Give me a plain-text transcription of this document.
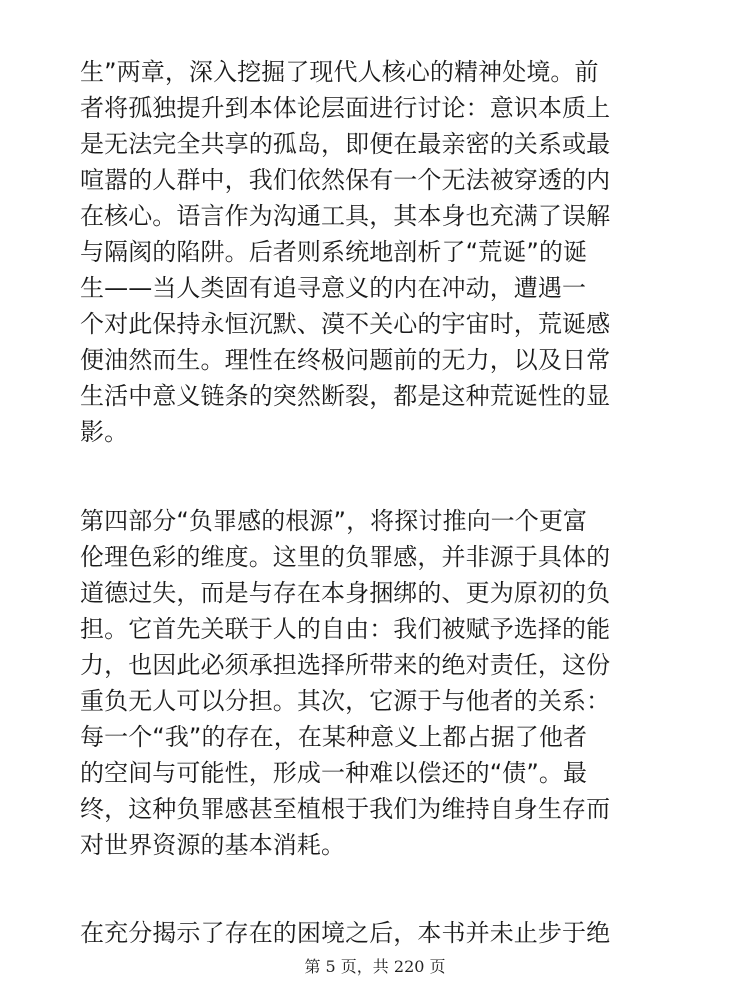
生”两章，深入挖掘了现代人核心的精神处境。前
者将孤独提升到本体论层面进行讨论：意识本质上
是无法完全共享的孤岛，即便在最亲密的关系或最
喧嚣的人群中，我们依然保有一个无法被穿透的内
在核心。语言作为沟通工具，其本身也充满了误解
与隔阂的陷阱。后者则系统地剖析了“荒诞”的诞
生——当人类固有追寻意义的内在冲动，遭遇一
个对此保持永恒沉默、漠不关心的宇宙时，荒诞感
便油然而生。理性在终极问题前的无力，以及日常
生活中意义链条的突然断裂，都是这种荒诞性的显
影。

第四部分“负罪感的根源”，将探讨推向一个更富
伦理色彩的维度。这里的负罪感，并非源于具体的
道德过失，而是与存在本身捆绑的、更为原初的负
担。它首先关联于人的自由：我们被赋予选择的能
力，也因此必须承担选择所带来的绝对责任，这份
重负无人可以分担。其次，它源于与他者的关系：
每一个“我”的存在，在某种意义上都占据了他者
的空间与可能性，形成一种难以偿还的“债”。最
终，这种负罪感甚至植根于我们为维持自身生存而
对世界资源的基本消耗。

在充分揭示了存在的困境之后，本书并未止步于绝

第 5 页，共 220 页
